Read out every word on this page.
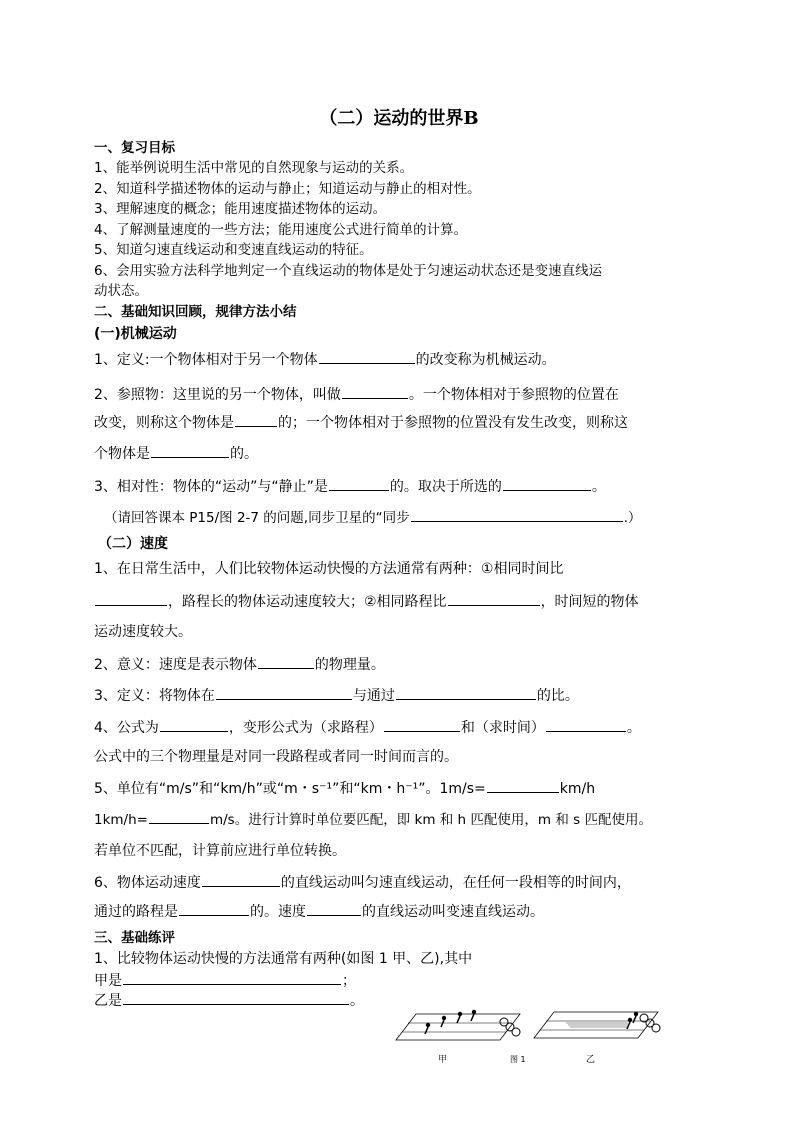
（二）运动的世界B
一、复习目标
1、能举例说明生活中常见的自然现象与运动的关系。
2、知道科学描述物体的运动与静止；知道运动与静止的相对性。
3、理解速度的概念；能用速度描述物体的运动。
4、了解测量速度的一些方法；能用速度公式进行简单的计算。
5、知道匀速直线运动和变速直线运动的特征。
6、会用实验方法科学地判定一个直线运动的物体是处于匀速运动状态还是变速直线运
动状态。
二、基础知识回顾，规律方法小结
(一)机械运动
1、定义:一个物体相对于另一个物体	的改变称为机械运动。
2、参照物：这里说的另一个物体，叫做	。一个物体相对于参照物的位置在
改变，则称这个物体是	的；一个物体相对于参照物的位置没有发生改变，则称这
个物体是	的。
3、相对性：物体的“运动”与“静止”是	的。取决于所选的	。
（请回答课本 P15/图 2-7 的问题,同步卫星的“同步	.）
（二）速度
1、在日常生活中，人们比较物体运动快慢的方法通常有两种：①相同时间比
，路程长的物体运动速度较大；②相同路程比	，时间短的物体
运动速度较大。
2、意义：速度是表示物体	的物理量。
3、定义：将物体在	与通过	的比。
4、公式为	，变形公式为（求路程）	和（求时间）	。
公式中的三个物理量是对同一段路程或者同一时间而言的。
5、单位有“m/s”和“km/h”或“m・s⁻¹”和“km・h⁻¹”。1m/s=	km/h
1km/h=	m/s。进行计算时单位要匹配，即 km 和 h 匹配使用，m 和 s 匹配使用。
若单位不匹配，计算前应进行单位转换。
6、物体运动速度	的直线运动叫匀速直线运动，在任何一段相等的时间内，
通过的路程是	的。速度	的直线运动叫变速直线运动。
三、基础练评
1、比较物体运动快慢的方法通常有两种(如图 1 甲、乙),其中
甲是	；
乙是	。
甲	图 1	乙
